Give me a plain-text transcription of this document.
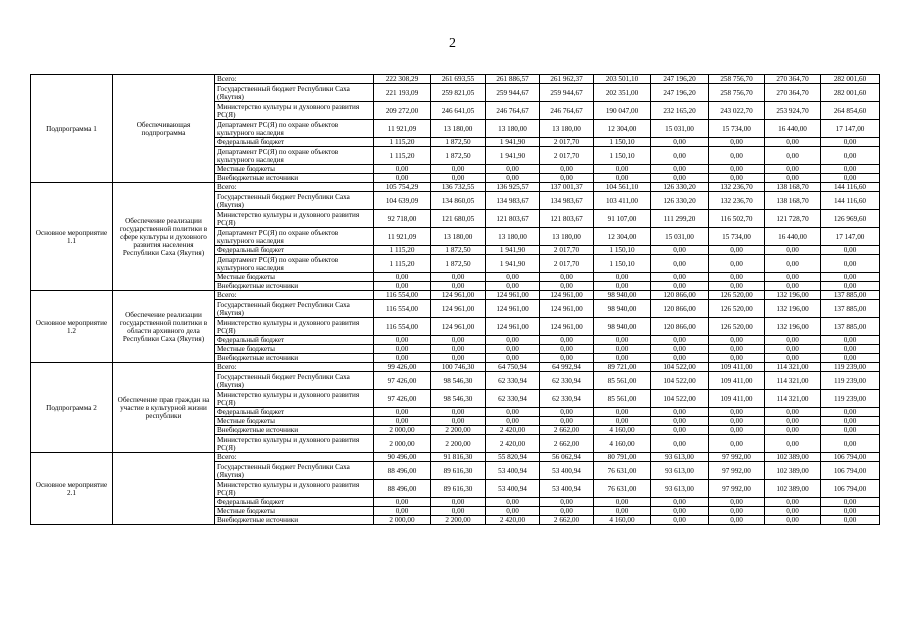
2
Подпрограмма 1	Обеспечивающая подпрограмма	Всего:	222 308,29	261 693,55	261 886,57	261 962,37	203 501,10	247 196,20	258 756,70	270 364,70	282 001,60
		Государственный бюджет Республики Саха (Якутия)	221 193,09	259 821,05	259 944,67	259 944,67	202 351,00	247 196,20	258 756,70	270 364,70	282 001,60
		Министерство культуры и духовного развития РС(Я)	209 272,00	246 641,05	246 764,67	246 764,67	190 047,00	232 165,20	243 022,70	253 924,70	264 854,60
		Департамент РС(Я) по охране объектов культурного наследия	11 921,09	13 180,00	13 180,00	13 180,00	12 304,00	15 031,00	15 734,00	16 440,00	17 147,00
		Федеральный бюджет	1 115,20	1 872,50	1 941,90	2 017,70	1 150,10	0,00	0,00	0,00	0,00
		Департамент РС(Я) по охране объектов культурного наследия	1 115,20	1 872,50	1 941,90	2 017,70	1 150,10	0,00	0,00	0,00	0,00
		Местные бюджеты	0,00	0,00	0,00	0,00	0,00	0,00	0,00	0,00	0,00
		Внебюджетные источники	0,00	0,00	0,00	0,00	0,00	0,00	0,00	0,00	0,00
Основное мероприятие 1.1	Обеспечение реализации государственной политики в сфере культуры и духовного развития населения Республики Саха (Якутия)	Всего:	105 754,29	136 732,55	136 925,57	137 001,37	104 561,10	126 330,20	132 236,70	138 168,70	144 116,60
		Государственный бюджет Республики Саха (Якутия)	104 639,09	134 860,05	134 983,67	134 983,67	103 411,00	126 330,20	132 236,70	138 168,70	144 116,60
		Министерство культуры и духовного развития РС(Я)	92 718,00	121 680,05	121 803,67	121 803,67	91 107,00	111 299,20	116 502,70	121 728,70	126 969,60
		Департамент РС(Я) по охране объектов культурного наследия	11 921,09	13 180,00	13 180,00	13 180,00	12 304,00	15 031,00	15 734,00	16 440,00	17 147,00
		Федеральный бюджет	1 115,20	1 872,50	1 941,90	2 017,70	1 150,10	0,00	0,00	0,00	0,00
		Департамент РС(Я) по охране объектов культурного наследия	1 115,20	1 872,50	1 941,90	2 017,70	1 150,10	0,00	0,00	0,00	0,00
		Местные бюджеты	0,00	0,00	0,00	0,00	0,00	0,00	0,00	0,00	0,00
		Внебюджетные источники	0,00	0,00	0,00	0,00	0,00	0,00	0,00	0,00	0,00
Основное мероприятие 1.2	Обеспечение реализации государственной политики в области архивного дела Республики Саха (Якутия)	Всего:	116 554,00	124 961,00	124 961,00	124 961,00	98 940,00	120 866,00	126 520,00	132 196,00	137 885,00
		Государственный бюджет Республики Саха (Якутия)	116 554,00	124 961,00	124 961,00	124 961,00	98 940,00	120 866,00	126 520,00	132 196,00	137 885,00
		Министерство культуры и духовного развития РС(Я)	116 554,00	124 961,00	124 961,00	124 961,00	98 940,00	120 866,00	126 520,00	132 196,00	137 885,00
		Федеральный бюджет	0,00	0,00	0,00	0,00	0,00	0,00	0,00	0,00	0,00
		Местные бюджеты	0,00	0,00	0,00	0,00	0,00	0,00	0,00	0,00	0,00
		Внебюджетные источники	0,00	0,00	0,00	0,00	0,00	0,00	0,00	0,00	0,00
Подпрограмма 2	Обеспечение прав граждан на участие в культурной жизни республики	Всего:	99 426,00	100 746,30	64 750,94	64 992,94	89 721,00	104 522,00	109 411,00	114 321,00	119 239,00
		Государственный бюджет Республики Саха (Якутия)	97 426,00	98 546,30	62 330,94	62 330,94	85 561,00	104 522,00	109 411,00	114 321,00	119 239,00
		Министерство культуры и духовного развития РС(Я)	97 426,00	98 546,30	62 330,94	62 330,94	85 561,00	104 522,00	109 411,00	114 321,00	119 239,00
		Федеральный бюджет	0,00	0,00	0,00	0,00	0,00	0,00	0,00	0,00	0,00
		Местные бюджеты	0,00	0,00	0,00	0,00	0,00	0,00	0,00	0,00	0,00
		Внебюджетные источники	2 000,00	2 200,00	2 420,00	2 662,00	4 160,00	0,00	0,00	0,00	0,00
		Министерство культуры и духовного развития РС(Я)	2 000,00	2 200,00	2 420,00	2 662,00	4 160,00	0,00	0,00	0,00	0,00
Основное мероприятие 2.1		Всего:	90 496,00	91 816,30	55 820,94	56 062,94	80 791,00	93 613,00	97 992,00	102 389,00	106 794,00
		Государственный бюджет Республики Саха (Якутия)	88 496,00	89 616,30	53 400,94	53 400,94	76 631,00	93 613,00	97 992,00	102 389,00	106 794,00
		Министерство культуры и духовного развития РС(Я)	88 496,00	89 616,30	53 400,94	53 400,94	76 631,00	93 613,00	97 992,00	102 389,00	106 794,00
		Федеральный бюджет	0,00	0,00	0,00	0,00	0,00	0,00	0,00	0,00	0,00
		Местные бюджеты	0,00	0,00	0,00	0,00	0,00	0,00	0,00	0,00	0,00
		Внебюджетные источники	2 000,00	2 200,00	2 420,00	2 662,00	4 160,00	0,00	0,00	0,00	0,00
